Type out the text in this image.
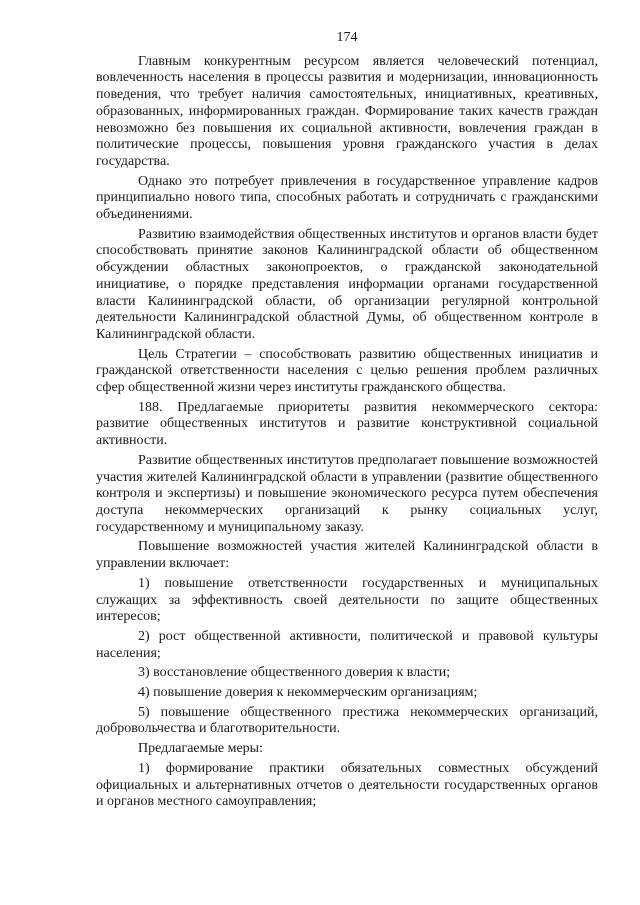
174

Главным конкурентным ресурсом является человеческий потенциал, вовлеченность населения в процессы развития и модернизации, инновационность поведения, что требует наличия самостоятельных, инициативных, креативных, образованных, информированных граждан. Формирование таких качеств граждан невозможно без повышения их социальной активности, вовлечения граждан в политические процессы, повышения уровня гражданского участия в делах государства.

Однако это потребует привлечения в государственное управление кадров принципиально нового типа, способных работать и сотрудничать с гражданскими объединениями.

Развитию взаимодействия общественных институтов и органов власти будет способствовать принятие законов Калининградской области об общественном обсуждении областных законопроектов, о гражданской законодательной инициативе, о порядке представления информации органами государственной власти Калининградской области, об организации регулярной контрольной деятельности Калининградской областной Думы, об общественном контроле в Калининградской области.

Цель Стратегии – способствовать развитию общественных инициатив и гражданской ответственности населения с целью решения проблем различных сфер общественной жизни через институты гражданского общества.

188. Предлагаемые приоритеты развития некоммерческого сектора: развитие общественных институтов и развитие конструктивной социальной активности.

Развитие общественных институтов предполагает повышение возможностей участия жителей Калининградской области в управлении (развитие общественного контроля и экспертизы) и повышение экономического ресурса путем обеспечения доступа некоммерческих организаций к рынку социальных услуг, государственному и муниципальному заказу.

Повышение возможностей участия жителей Калининградской области в управлении включает:

1) повышение ответственности государственных и муниципальных служащих за эффективность своей деятельности по защите общественных интересов;

2) рост общественной активности, политической и правовой культуры населения;

3) восстановление общественного доверия к власти;

4) повышение доверия к некоммерческим организациям;

5) повышение общественного престижа некоммерческих организаций, добровольчества и благотворительности.

Предлагаемые меры:

1) формирование практики обязательных совместных обсуждений официальных и альтернативных отчетов о деятельности государственных органов и органов местного самоуправления;
